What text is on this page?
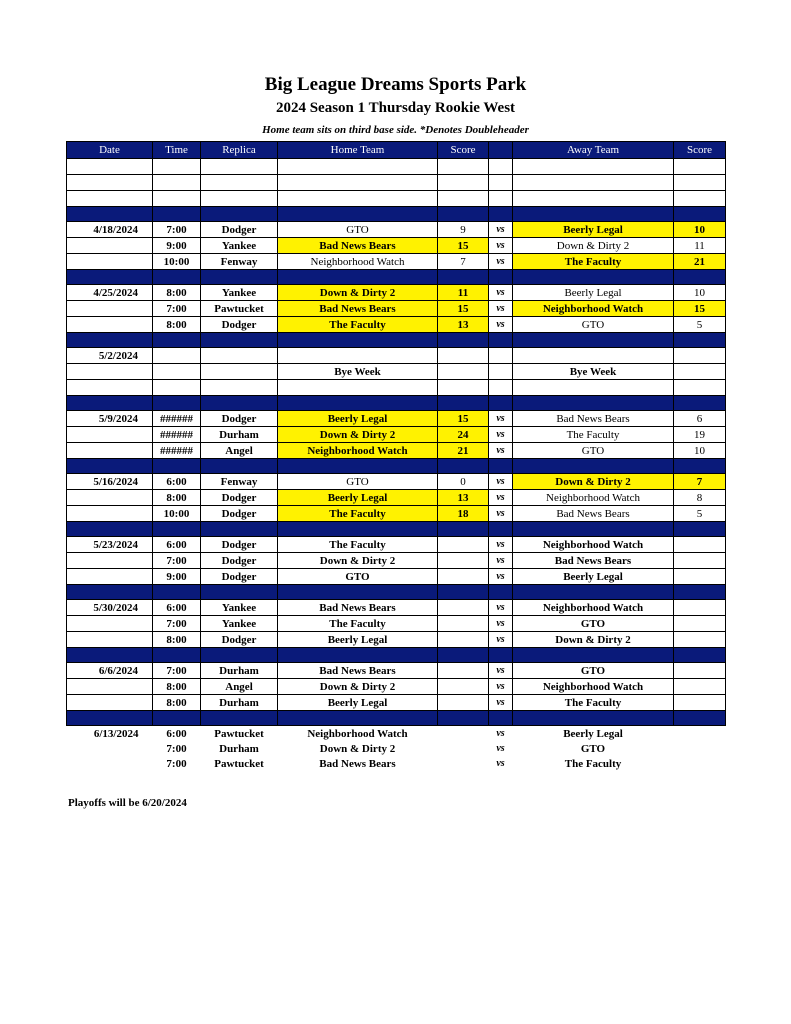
Big League Dreams Sports Park
2024 Season 1 Thursday Rookie West
Home team sits on third base side. *Denotes Doubleheader
Date	Time	Replica	Home Team	Score		Away Team	Score

4/18/2024	7:00	Dodger	GTO	9	vs	Beerly Legal	10
	9:00	Yankee	Bad News Bears	15	vs	Down & Dirty 2	11
	10:00	Fenway	Neighborhood Watch	7	vs	The Faculty	21

4/25/2024	8:00	Yankee	Down & Dirty 2	11	vs	Beerly Legal	10
	7:00	Pawtucket	Bad News Bears	15	vs	Neighborhood Watch	15
	8:00	Dodger	The Faculty	13	vs	GTO	5

5/2/2024							
			Bye Week			Bye Week	

5/9/2024	######	Dodger	Beerly Legal	15	vs	Bad News Bears	6
	######	Durham	Down & Dirty 2	24	vs	The Faculty	19
	######	Angel	Neighborhood Watch	21	vs	GTO	10

5/16/2024	6:00	Fenway	GTO	0	vs	Down & Dirty 2	7
	8:00	Dodger	Beerly Legal	13	vs	Neighborhood Watch	8
	10:00	Dodger	The Faculty	18	vs	Bad News Bears	5

5/23/2024	6:00	Dodger	The Faculty		vs	Neighborhood Watch	
	7:00	Dodger	Down & Dirty 2		vs	Bad News Bears	
	9:00	Dodger	GTO		vs	Beerly Legal	

5/30/2024	6:00	Yankee	Bad News Bears		vs	Neighborhood Watch	
	7:00	Yankee	The Faculty		vs	GTO	
	8:00	Dodger	Beerly Legal		vs	Down & Dirty 2	

6/6/2024	7:00	Durham	Bad News Bears		vs	GTO	
	8:00	Angel	Down & Dirty 2		vs	Neighborhood Watch	
	8:00	Durham	Beerly Legal		vs	The Faculty	

6/13/2024	6:00	Pawtucket	Neighborhood Watch		vs	Beerly Legal	
	7:00	Durham	Down & Dirty 2		vs	GTO	
	7:00	Pawtucket	Bad News Bears		vs	The Faculty	
Playoffs will be 6/20/2024
